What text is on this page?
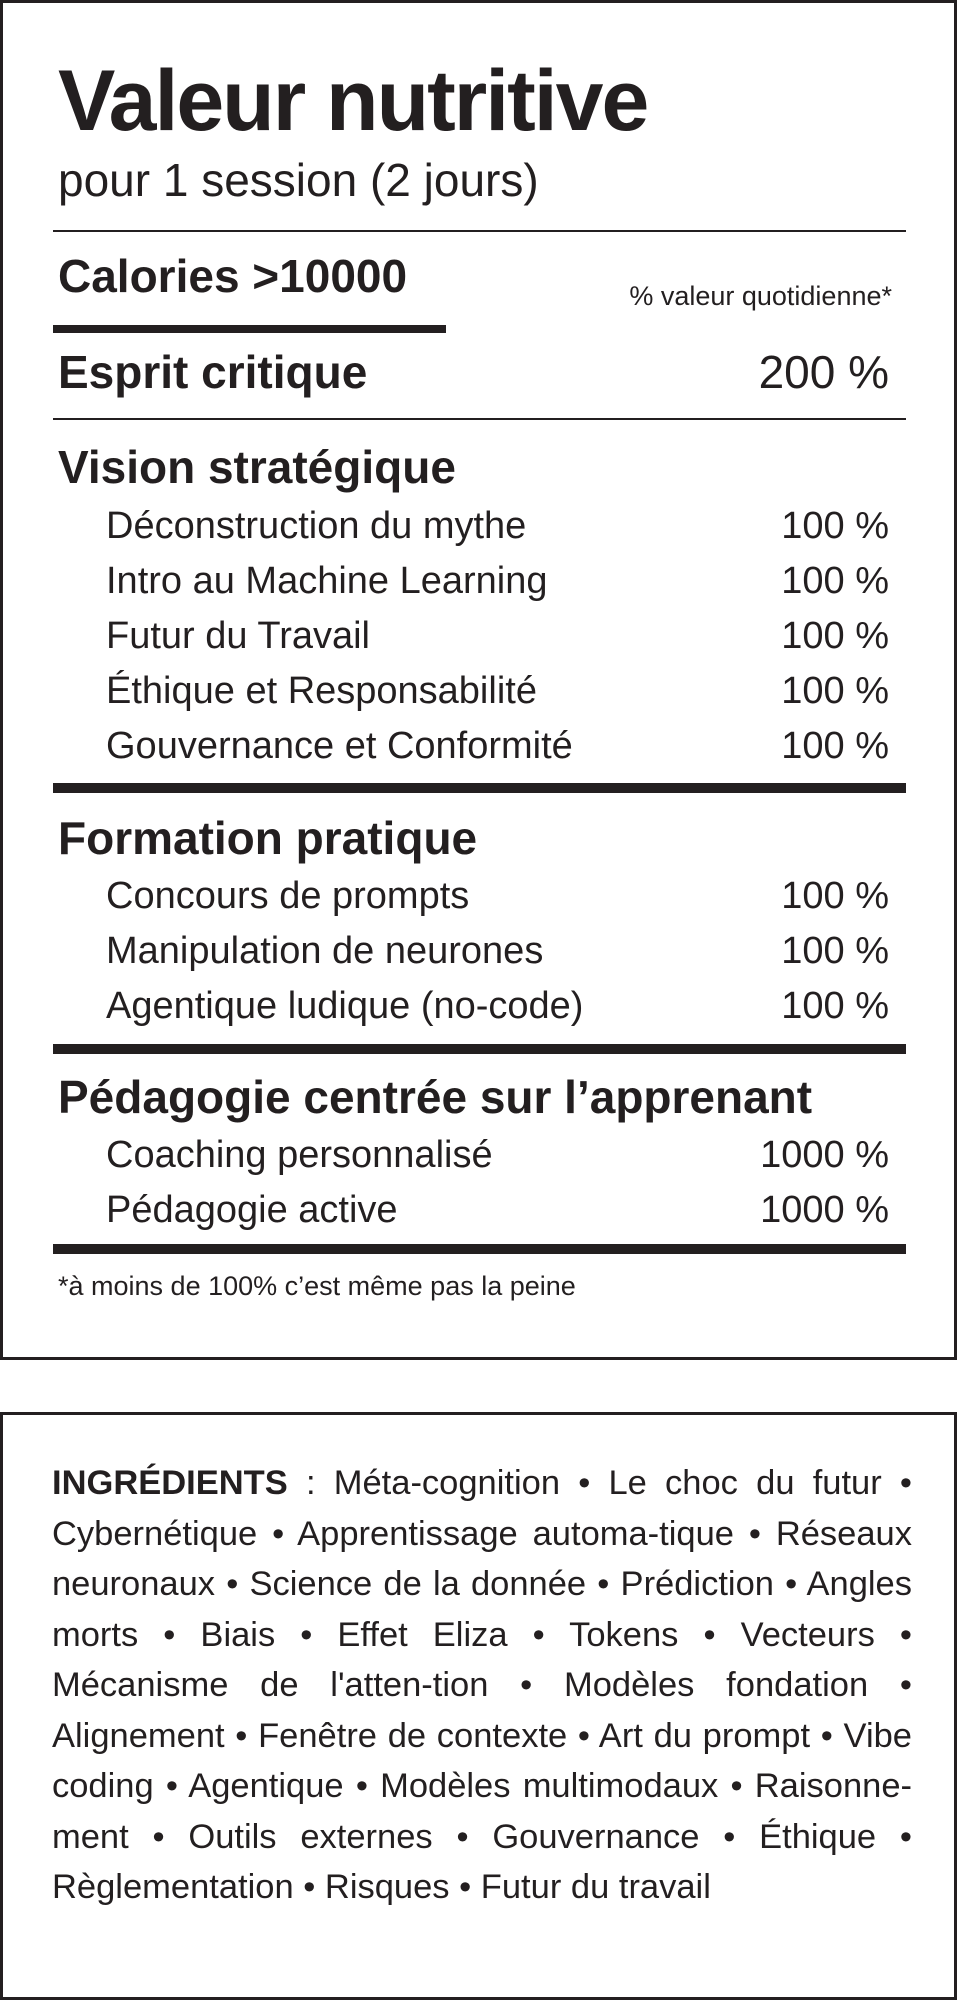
Valeur nutritive
pour 1 session (2 jours)
Calories >10000	% valeur quotidienne*
Esprit critique	200 %
Vision stratégique
Déconstruction du mythe	100 %
Intro au Machine Learning	100 %
Futur du Travail	100 %
Éthique et Responsabilité	100 %
Gouvernance et Conformité	100 %
Formation pratique
Concours de prompts	100 %
Manipulation de neurones	100 %
Agentique ludique (no-code)	100 %
Pédagogie centrée sur l’apprenant
Coaching personnalisé	1000 %
Pédagogie active	1000 %
*à moins de 100% c’est même pas la peine

INGRÉDIENTS : Méta-cognition • Le choc du futur • Cybernétique • Apprentissage automa-tique • Réseaux neuronaux • Science de la donnée • Prédiction • Angles morts • Biais • Effet Eliza • Tokens • Vecteurs • Mécanisme de l'atten-tion • Modèles fondation • Alignement • Fenêtre de contexte • Art du prompt • Vibe coding • Agentique • Modèles multimodaux • Raisonne-ment • Outils externes • Gouvernance • Éthique • Règlementation • Risques • Futur du travail
